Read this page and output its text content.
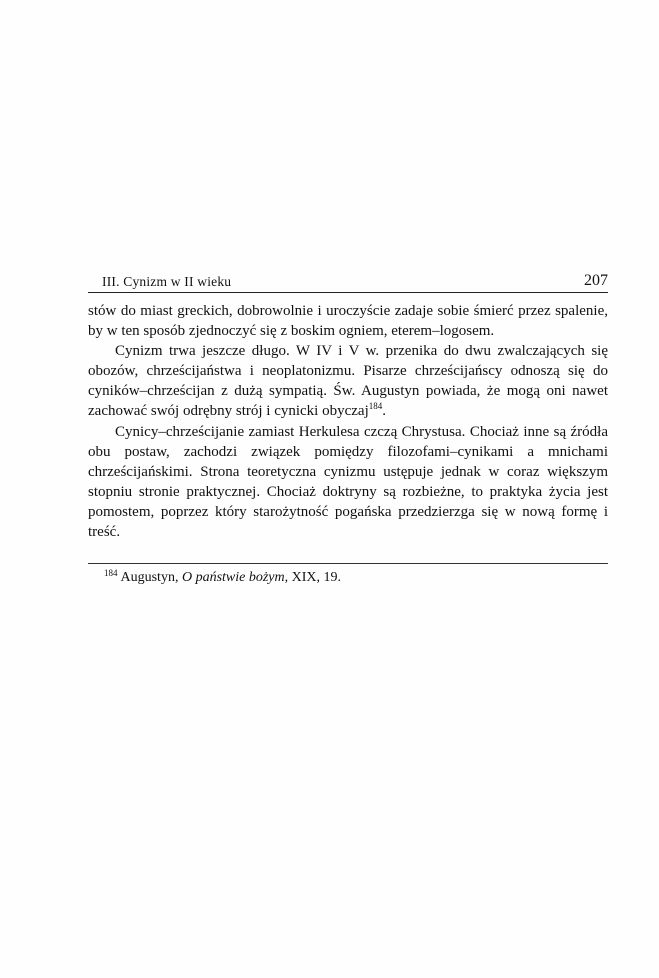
III. Cynizm w II wieku	207

stów do miast greckich, dobrowolnie i uroczyście zadaje sobie śmierć przez spalenie, by w ten sposób zjednoczyć się z boskim ogniem, eterem–logosem.

Cynizm trwa jeszcze długo. W IV i V w. przenika do dwu zwalczających się obozów, chrześcijaństwa i neoplatonizmu. Pisarze chrześcijańscy odnoszą się do cyników–chrześcijan z dużą sympatią. Św. Augustyn powiada, że mogą oni nawet zachować swój odrębny strój i cynicki obyczaj$^{184}$.

Cynicy–chrześcijanie zamiast Herkulesa czczą Chrystusa. Chociaż inne są źródła obu postaw, zachodzi związek pomiędzy filozofami–cynikami a mnichami chrześcijańskimi. Strona teoretyczna cynizmu ustępuje jednak w coraz większym stopniu stronie praktycznej. Chociaż doktryny są rozbieżne, to praktyka życia jest pomostem, poprzez który starożytność pogańska przedzierzga się w nową formę i treść.

$^{184}$ Augustyn, O państwie bożym, XIX, 19.
